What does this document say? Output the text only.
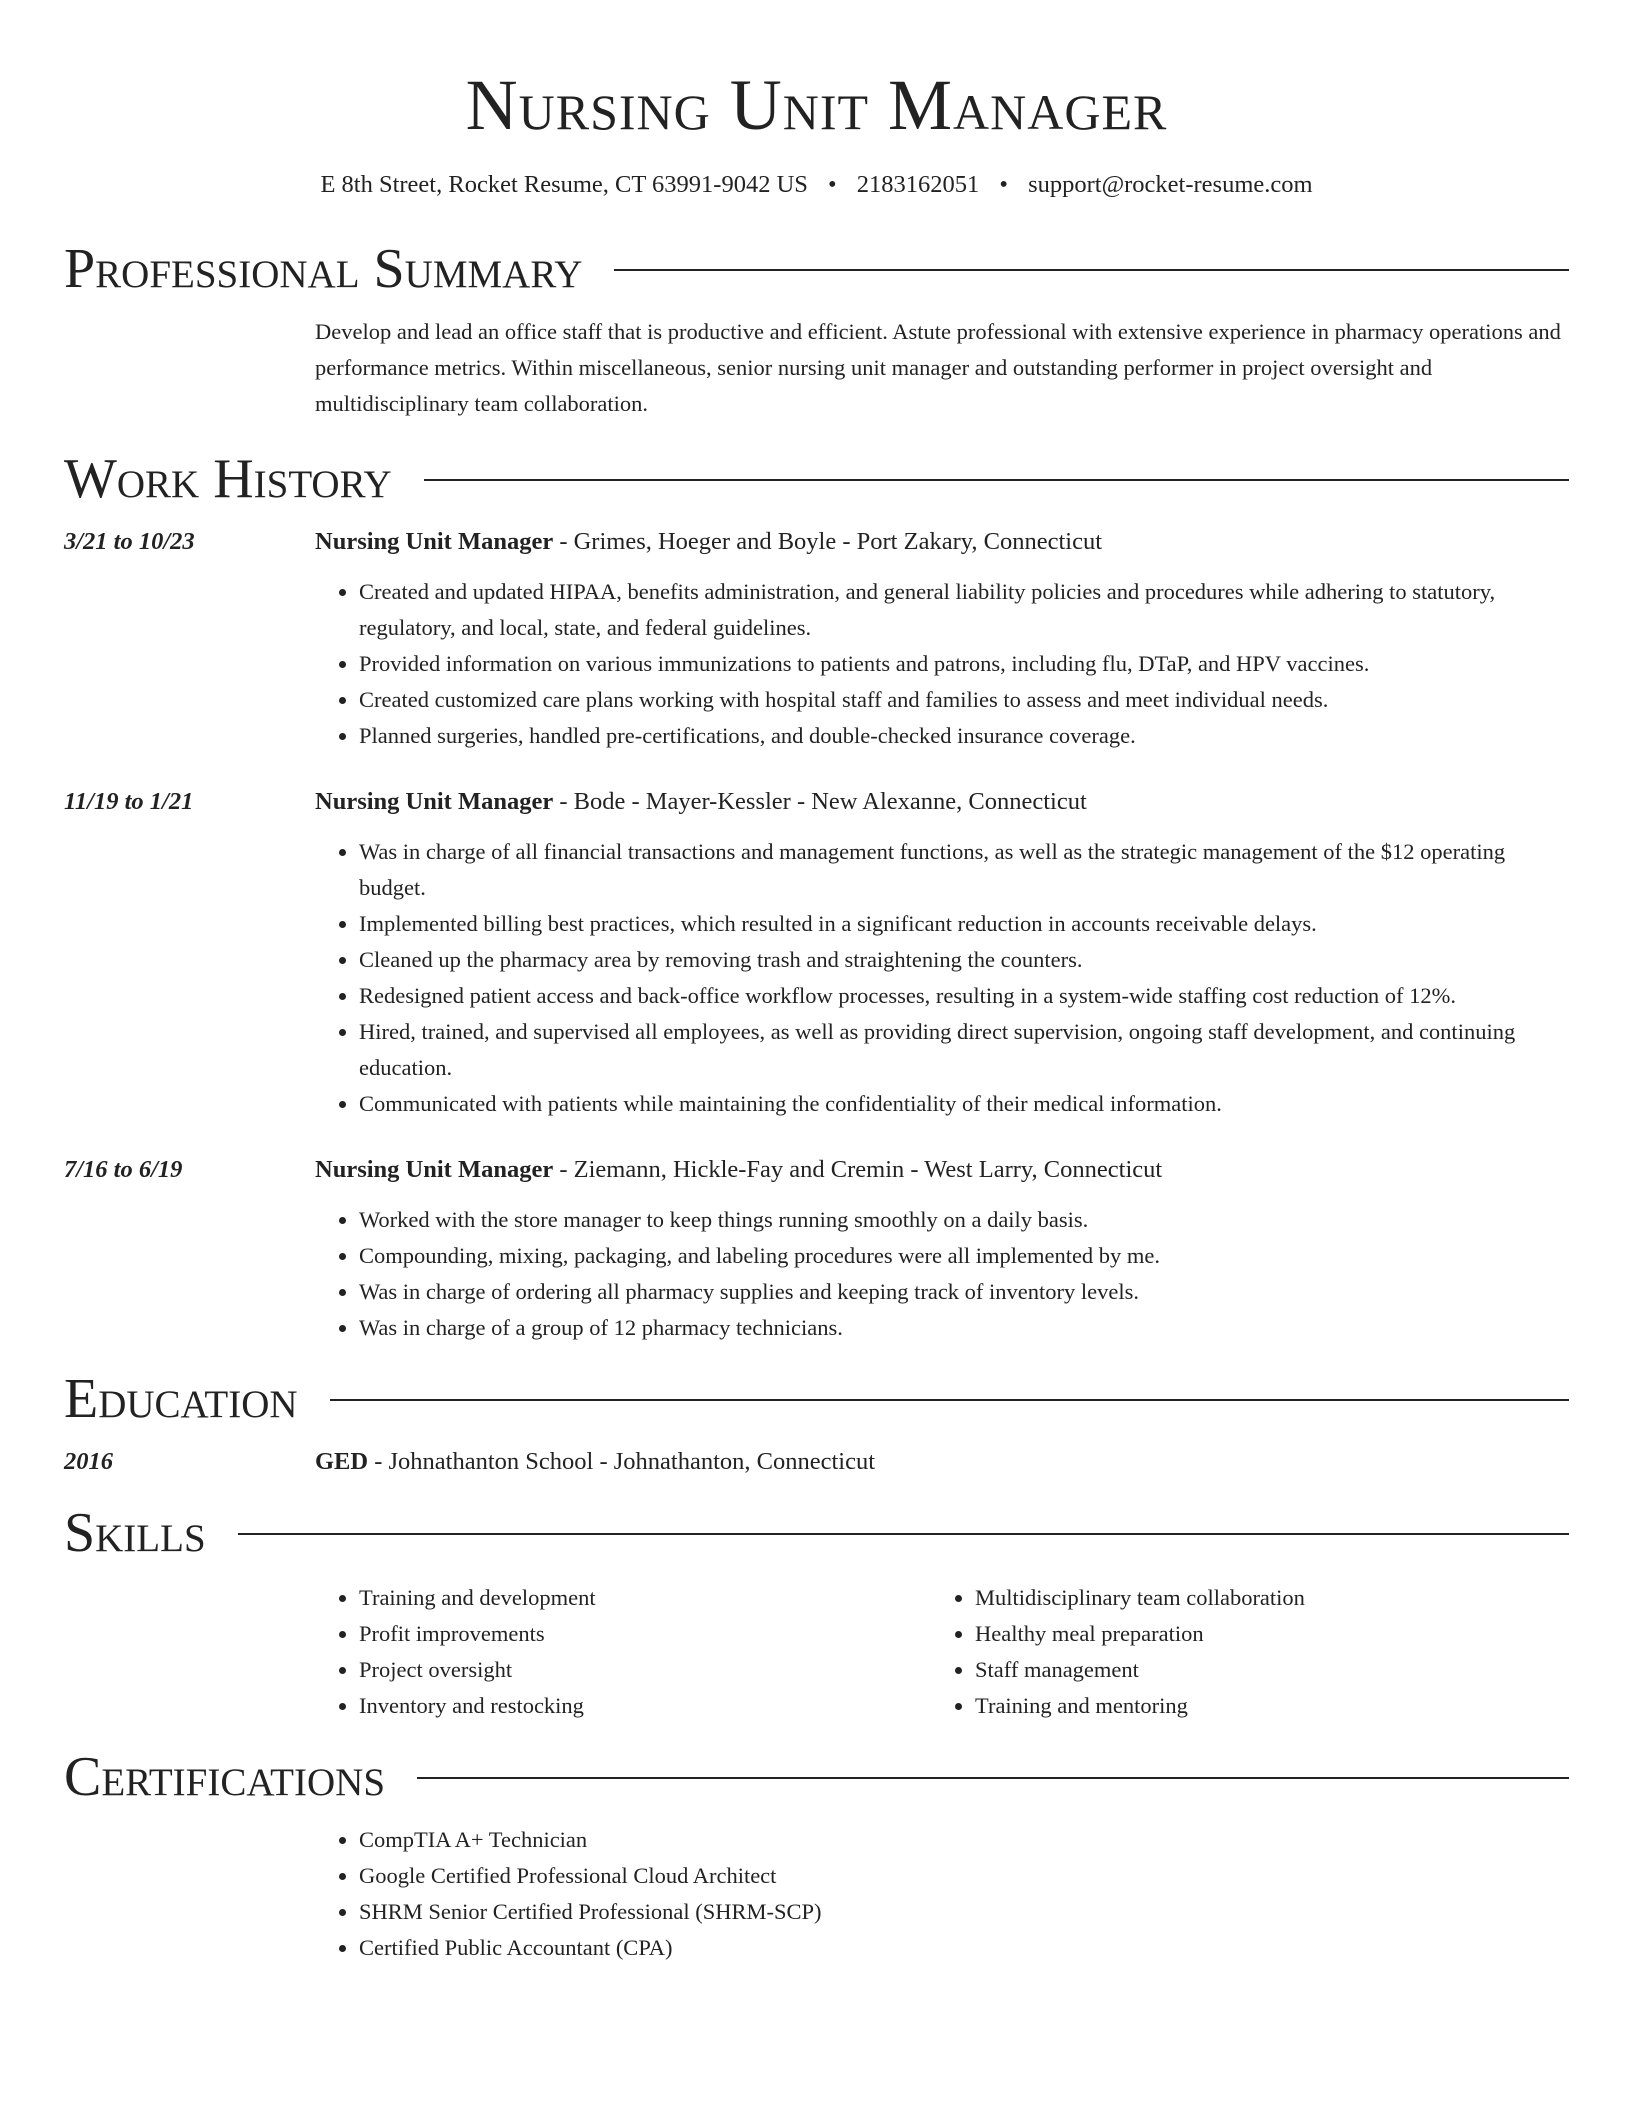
Nursing Unit Manager
E 8th Street, Rocket Resume, CT 63991-9042 US • 2183162051 • support@rocket-resume.com
Professional Summary

Develop and lead an office staff that is productive and efficient. Astute professional with extensive experience in pharmacy operations and performance metrics. Within miscellaneous, senior nursing unit manager and outstanding performer in project oversight and multidisciplinary team collaboration.

Work History
3/21 to 10/23	Nursing Unit Manager - Grimes, Hoeger and Boyle - Port Zakary, Connecticut
• Created and updated HIPAA, benefits administration, and general liability policies and procedures while adhering to statutory, regulatory, and local, state, and federal guidelines.
• Provided information on various immunizations to patients and patrons, including flu, DTaP, and HPV vaccines.
• Created customized care plans working with hospital staff and families to assess and meet individual needs.
• Planned surgeries, handled pre-certifications, and double-checked insurance coverage.
11/19 to 1/21	Nursing Unit Manager - Bode - Mayer-Kessler - New Alexanne, Connecticut
• Was in charge of all financial transactions and management functions, as well as the strategic management of the $12 operating budget.
• Implemented billing best practices, which resulted in a significant reduction in accounts receivable delays.
• Cleaned up the pharmacy area by removing trash and straightening the counters.
• Redesigned patient access and back-office workflow processes, resulting in a system-wide staffing cost reduction of 12%.
• Hired, trained, and supervised all employees, as well as providing direct supervision, ongoing staff development, and continuing education.
• Communicated with patients while maintaining the confidentiality of their medical information.
7/16 to 6/19	Nursing Unit Manager - Ziemann, Hickle-Fay and Cremin - West Larry, Connecticut
• Worked with the store manager to keep things running smoothly on a daily basis.
• Compounding, mixing, packaging, and labeling procedures were all implemented by me.
• Was in charge of ordering all pharmacy supplies and keeping track of inventory levels.
• Was in charge of a group of 12 pharmacy technicians.
Education
2016	GED - Johnathanton School - Johnathanton, Connecticut
Skills
• Training and development
• Profit improvements
• Project oversight
• Inventory and restocking
• Multidisciplinary team collaboration
• Healthy meal preparation
• Staff management
• Training and mentoring
Certifications
• CompTIA A+ Technician
• Google Certified Professional Cloud Architect
• SHRM Senior Certified Professional (SHRM-SCP)
• Certified Public Accountant (CPA)
